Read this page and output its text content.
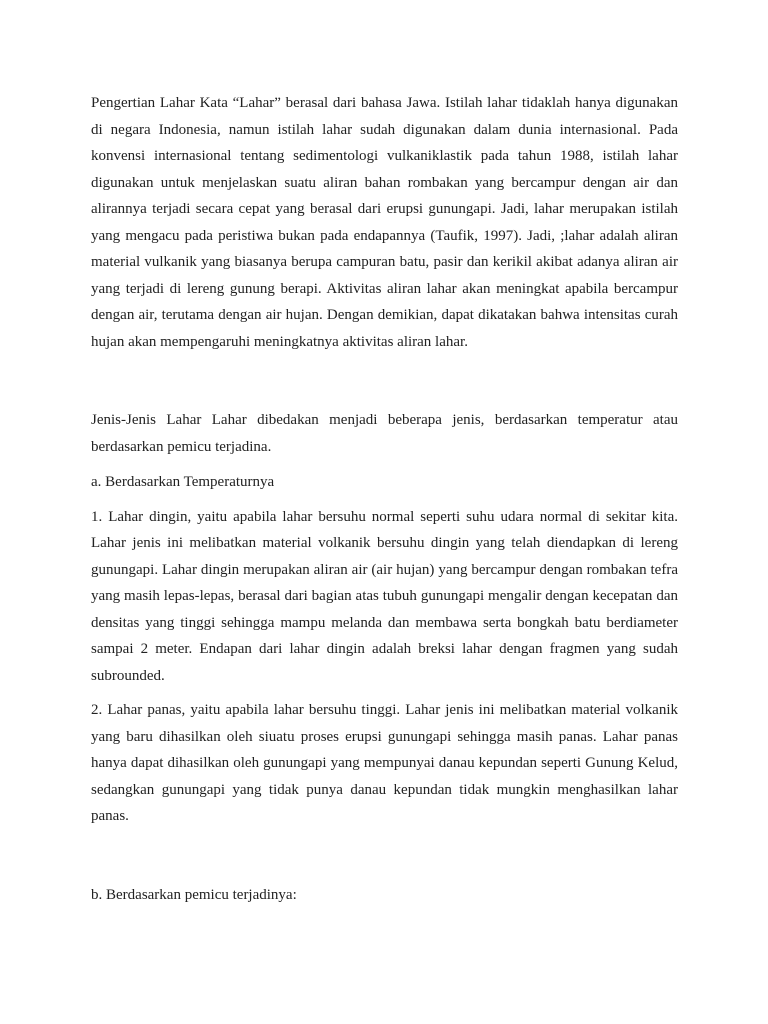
Pengertian Lahar Kata “Lahar” berasal dari bahasa Jawa. Istilah lahar tidaklah hanya digunakan di negara Indonesia, namun istilah lahar sudah digunakan dalam dunia internasional. Pada konvensi internasional tentang sedimentologi vulkaniklastik pada tahun 1988, istilah lahar digunakan untuk menjelaskan suatu aliran bahan rombakan yang bercampur dengan air dan alirannya terjadi secara cepat yang berasal dari erupsi gunungapi. Jadi, lahar merupakan istilah yang mengacu pada peristiwa bukan pada endapannya (Taufik, 1997). Jadi, ;lahar adalah aliran material vulkanik yang biasanya berupa campuran batu, pasir dan kerikil akibat adanya aliran air yang terjadi di lereng gunung berapi. Aktivitas aliran lahar akan meningkat apabila bercampur dengan air, terutama dengan air hujan. Dengan demikian, dapat dikatakan bahwa intensitas curah hujan akan mempengaruhi meningkatnya aktivitas aliran lahar.

Jenis-Jenis Lahar Lahar dibedakan menjadi beberapa jenis, berdasarkan temperatur atau berdasarkan pemicu terjadina.

a. Berdasarkan Temperaturnya

1. Lahar dingin, yaitu apabila lahar bersuhu normal seperti suhu udara normal di sekitar kita. Lahar jenis ini melibatkan material volkanik bersuhu dingin yang telah diendapkan di lereng gunungapi. Lahar dingin merupakan aliran air (air hujan) yang bercampur dengan rombakan tefra yang masih lepas-lepas, berasal dari bagian atas tubuh gunungapi mengalir dengan kecepatan dan densitas yang tinggi sehingga mampu melanda dan membawa serta bongkah batu berdiameter sampai 2 meter. Endapan dari lahar dingin adalah breksi lahar dengan fragmen yang sudah subrounded.

2. Lahar panas, yaitu apabila lahar bersuhu tinggi. Lahar jenis ini melibatkan material volkanik yang baru dihasilkan oleh siuatu proses erupsi gunungapi sehingga masih panas. Lahar panas hanya dapat dihasilkan oleh gunungapi yang mempunyai danau kepundan seperti Gunung Kelud, sedangkan gunungapi yang tidak punya danau kepundan tidak mungkin menghasilkan lahar panas.

b. Berdasarkan pemicu terjadinya:
